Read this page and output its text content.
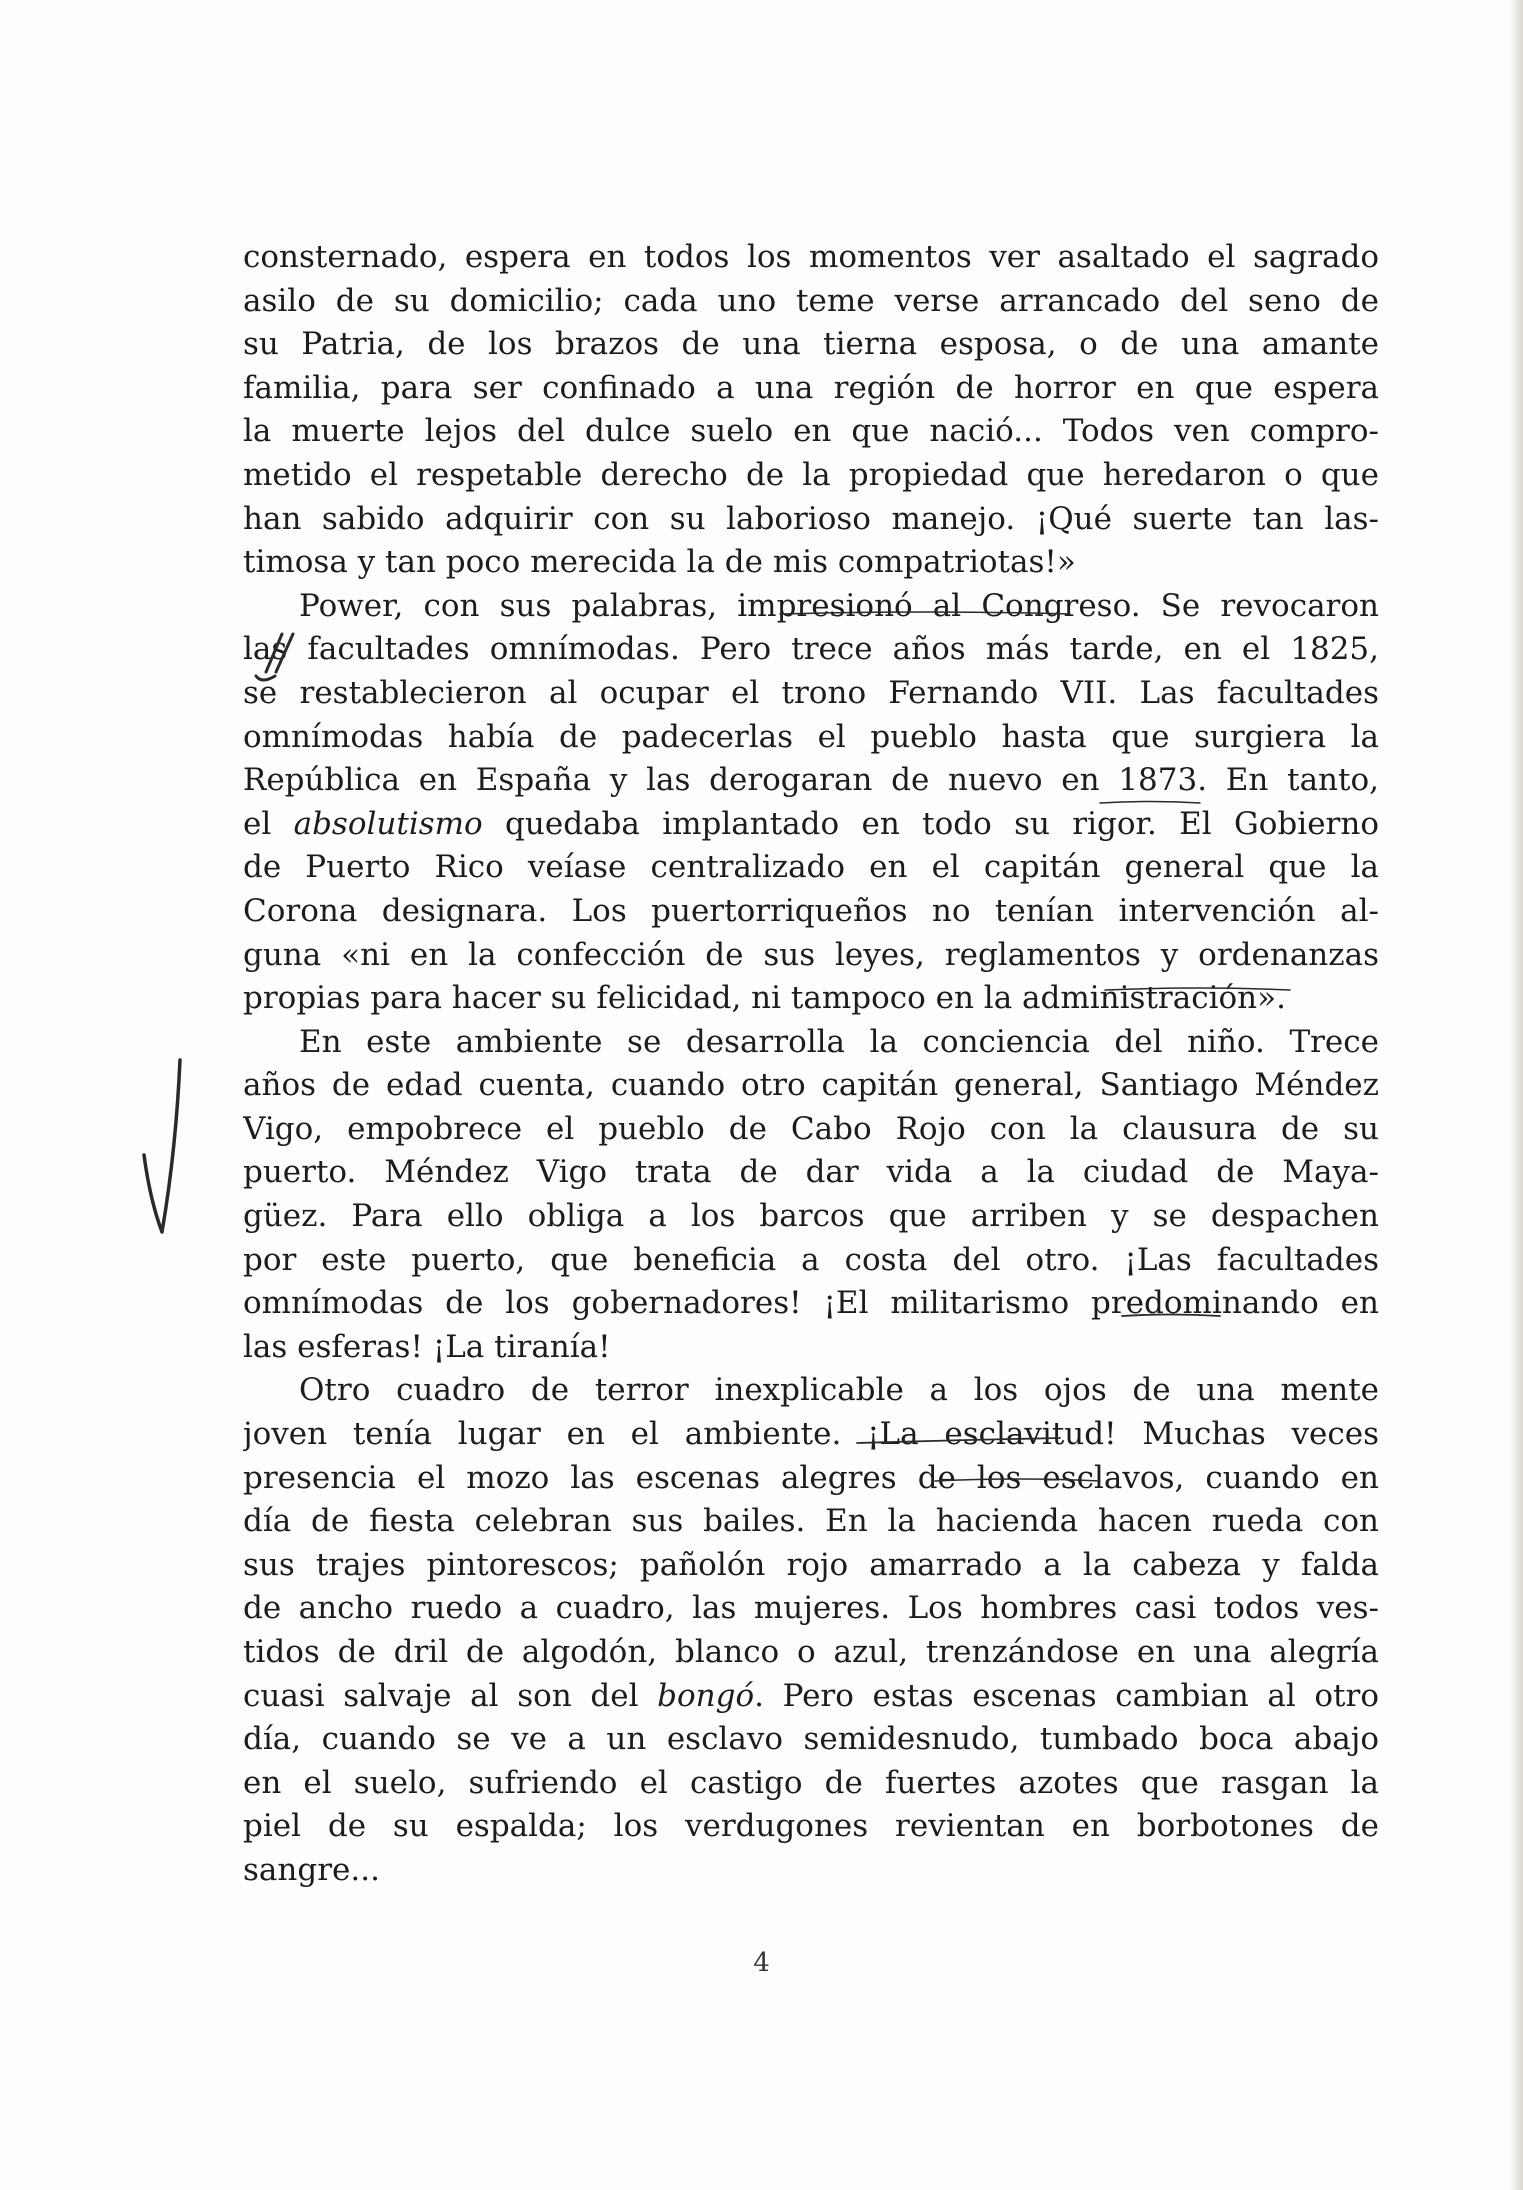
consternado, espera en todos los momentos ver asaltado el sagrado
asilo de su domicilio; cada uno teme verse arrancado del seno de
su Patria, de los brazos de una tierna esposa, o de una amante
familia, para ser confinado a una región de horror en que espera
la muerte lejos del dulce suelo en que nació... Todos ven compro-
metido el respetable derecho de la propiedad que heredaron o que
han sabido adquirir con su laborioso manejo. ¡Qué suerte tan las-
timosa y tan poco merecida la de mis compatriotas!»
Power, con sus palabras, impresionó al Congreso. Se revocaron
las facultades omnímodas. Pero trece años más tarde, en el 1825,
se restablecieron al ocupar el trono Fernando VII. Las facultades
omnímodas había de padecerlas el pueblo hasta que surgiera la
República en España y las derogaran de nuevo en 1873. En tanto,
el absolutismo quedaba implantado en todo su rigor. El Gobierno
de Puerto Rico veíase centralizado en el capitán general que la
Corona designara. Los puertorriqueños no tenían intervención al-
guna «ni en la confección de sus leyes, reglamentos y ordenanzas
propias para hacer su felicidad, ni tampoco en la administración».
En este ambiente se desarrolla la conciencia del niño. Trece
años de edad cuenta, cuando otro capitán general, Santiago Méndez
Vigo, empobrece el pueblo de Cabo Rojo con la clausura de su
puerto. Méndez Vigo trata de dar vida a la ciudad de Maya-
güez. Para ello obliga a los barcos que arriben y se despachen
por este puerto, que beneficia a costa del otro. ¡Las facultades
omnímodas de los gobernadores! ¡El militarismo predominando en
las esferas! ¡La tiranía!
Otro cuadro de terror inexplicable a los ojos de una mente
joven tenía lugar en el ambiente. ¡La esclavitud! Muchas veces
presencia el mozo las escenas alegres de los esclavos, cuando en
día de fiesta celebran sus bailes. En la hacienda hacen rueda con
sus trajes pintorescos; pañolón rojo amarrado a la cabeza y falda
de ancho ruedo a cuadro, las mujeres. Los hombres casi todos ves-
tidos de dril de algodón, blanco o azul, trenzándose en una alegría
cuasi salvaje al son del bongó. Pero estas escenas cambian al otro
día, cuando se ve a un esclavo semidesnudo, tumbado boca abajo
en el suelo, sufriendo el castigo de fuertes azotes que rasgan la
piel de su espalda; los verdugones revientan en borbotones de
sangre...
4
